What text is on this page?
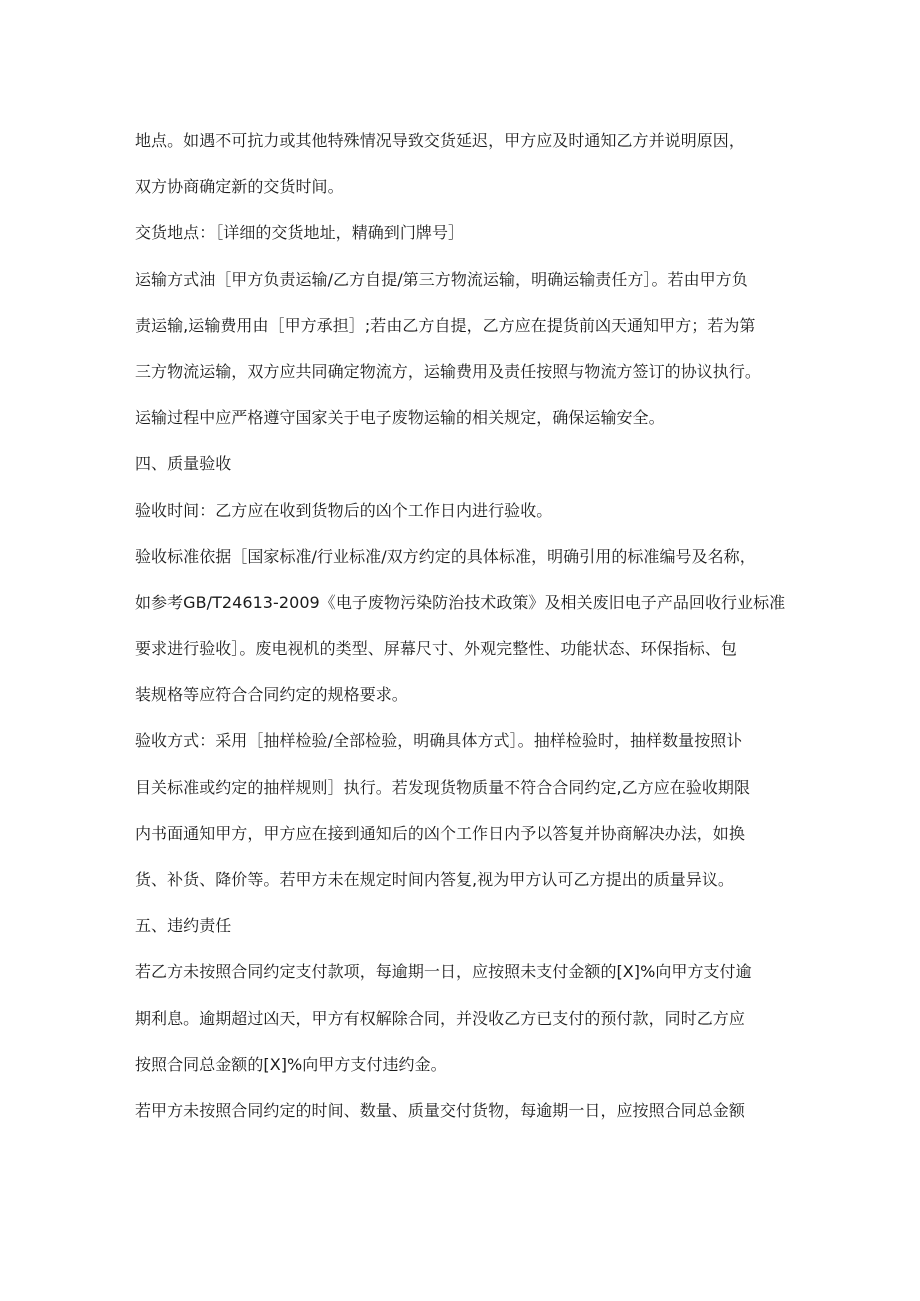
地点。如遇不可抗力或其他特殊情况导致交货延迟，甲方应及时通知乙方并说明原因，
双方协商确定新的交货时间。
交货地点：［详细的交货地址，精确到门牌号］
运输方式油［甲方负责运输/乙方自提/第三方物流运输，明确运输责任方］。若由甲方负
责运输,运输费用由［甲方承担］;若由乙方自提，乙方应在提货前凶天通知甲方；若为第
三方物流运输，双方应共同确定物流方，运输费用及责任按照与物流方签订的协议执行。
运输过程中应严格遵守国家关于电子废物运输的相关规定，确保运输安全。
四、质量验收
验收时间：乙方应在收到货物后的凶个工作日内进行验收。
验收标准依据［国家标准/行业标准/双方约定的具体标准，明确引用的标准编号及名称，
如参考GB/T24613-2009《电子废物污染防治技术政策》及相关废旧电子产品回收行业标准
要求进行验收］。废电视机的类型、屏幕尺寸、外观完整性、功能状态、环保指标、包
装规格等应符合合同约定的规格要求。
验收方式：采用［抽样检验/全部检验，明确具体方式］。抽样检验时，抽样数量按照讣
目关标准或约定的抽样规则］执行。若发现货物质量不符合合同约定,乙方应在验收期限
内书面通知甲方，甲方应在接到通知后的凶个工作日内予以答复并协商解决办法，如换
货、补货、降价等。若甲方未在规定时间内答复,视为甲方认可乙方提出的质量异议。
五、违约责任
若乙方未按照合同约定支付款项，每逾期一日，应按照未支付金额的[X]%向甲方支付逾
期利息。逾期超过凶天，甲方有权解除合同，并没收乙方已支付的预付款，同时乙方应
按照合同总金额的[X]%向甲方支付违约金。
若甲方未按照合同约定的时间、数量、质量交付货物，每逾期一日，应按照合同总金额
